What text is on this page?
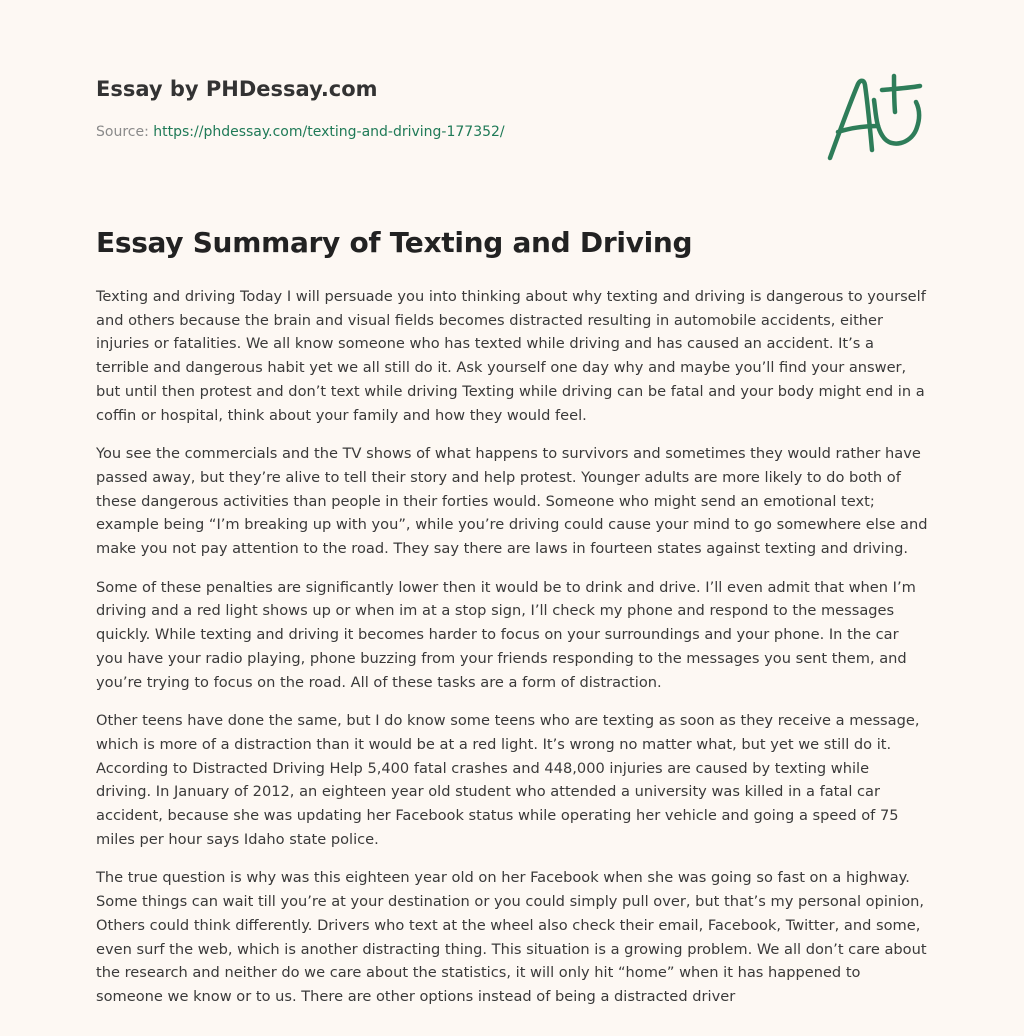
Essay by PHDessay.com

Source: https://phdessay.com/texting-and-driving-177352/

Essay Summary of Texting and Driving

Texting and driving Today I will persuade you into thinking about why texting and driving is dangerous to yourself and others because the brain and visual fields becomes distracted resulting in automobile accidents, either injuries or fatalities. We all know someone who has texted while driving and has caused an accident. It’s a terrible and dangerous habit yet we all still do it. Ask yourself one day why and maybe you’ll find your answer, but until then protest and don’t text while driving Texting while driving can be fatal and your body might end in a coffin or hospital, think about your family and how they would feel.

You see the commercials and the TV shows of what happens to survivors and sometimes they would rather have passed away, but they’re alive to tell their story and help protest. Younger adults are more likely to do both of these dangerous activities than people in their forties would. Someone who might send an emotional text; example being “I’m breaking up with you”, while you’re driving could cause your mind to go somewhere else and make you not pay attention to the road. They say there are laws in fourteen states against texting and driving.

Some of these penalties are significantly lower then it would be to drink and drive. I’ll even admit that when I’m driving and a red light shows up or when im at a stop sign, I’ll check my phone and respond to the messages quickly. While texting and driving it becomes harder to focus on your surroundings and your phone. In the car you have your radio playing, phone buzzing from your friends responding to the messages you sent them, and you’re trying to focus on the road. All of these tasks are a form of distraction.

Other teens have done the same, but I do know some teens who are texting as soon as they receive a message, which is more of a distraction than it would be at a red light. It’s wrong no matter what, but yet we still do it. According to Distracted Driving Help 5,400 fatal crashes and 448,000 injuries are caused by texting while driving. In January of 2012, an eighteen year old student who attended a university was killed in a fatal car accident, because she was updating her Facebook status while operating her vehicle and going a speed of 75 miles per hour says Idaho state police.

The true question is why was this eighteen year old on her Facebook when she was going so fast on a highway. Some things can wait till you’re at your destination or you could simply pull over, but that’s my personal opinion, Others could think differently. Drivers who text at the wheel also check their email, Facebook, Twitter, and some, even surf the web, which is another distracting thing. This situation is a growing problem. We all don’t care about the research and neither do we care about the statistics, it will only hit “home” when it has happened to someone we know or to us. There are other options instead of being a distracted driver
